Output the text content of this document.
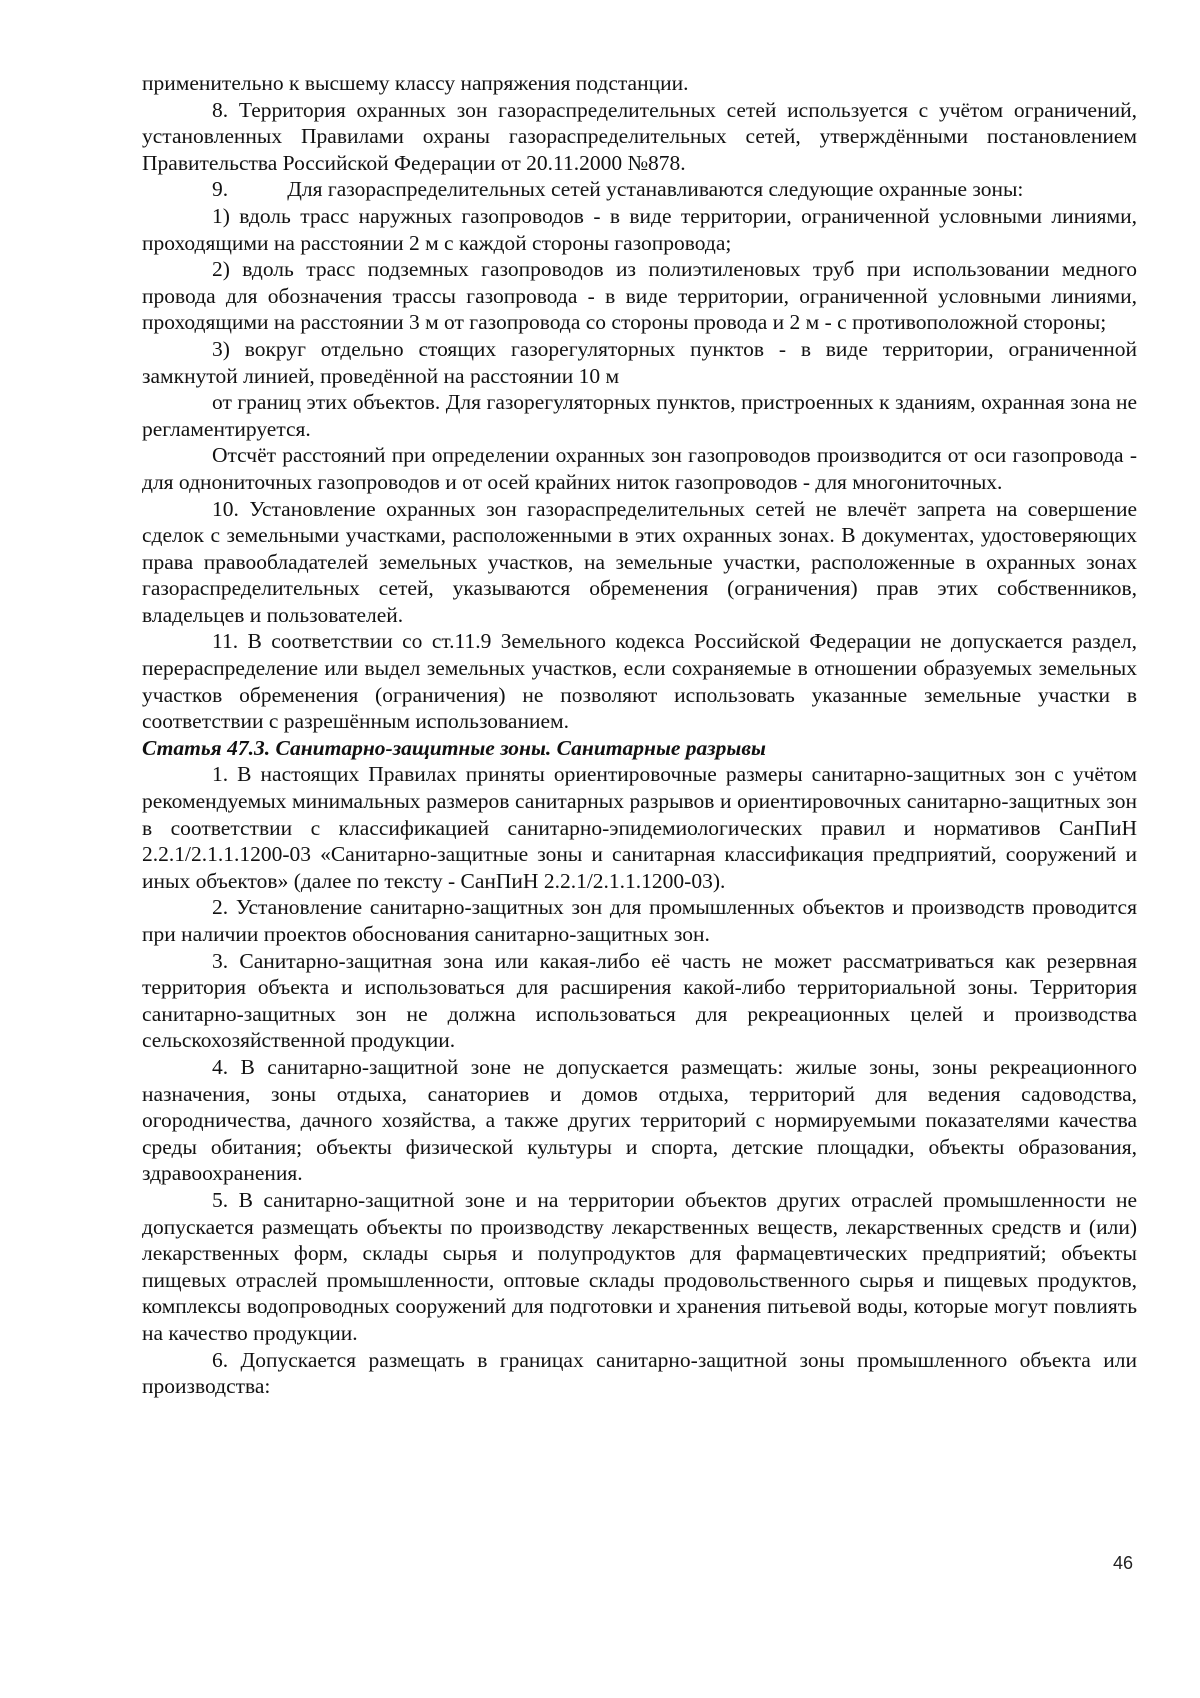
применительно к высшему классу напряжения подстанции.

8. Территория охранных зон газораспределительных сетей используется с учётом ограничений, установленных Правилами охраны газораспределительных сетей, утверждёнными постановлением Правительства Российской Федерации от 20.11.2000 №878.

9.           Для газораспределительных сетей устанавливаются следующие охранные зоны:

1) вдоль трасс наружных газопроводов - в виде территории, ограниченной условными линиями, проходящими на расстоянии 2 м с каждой стороны газопровода;

2) вдоль трасс подземных газопроводов из полиэтиленовых труб при использовании медного провода для обозначения трассы газопровода - в виде территории, ограниченной условными линиями, проходящими на расстоянии 3 м от газопровода со стороны провода и 2 м - с противоположной стороны;

3) вокруг отдельно стоящих газорегуляторных пунктов - в виде территории, ограниченной замкнутой линией, проведённой на расстоянии 10 м

от границ этих объектов. Для газорегуляторных пунктов, пристроенных к зданиям, охранная зона не регламентируется.

Отсчёт расстояний при определении охранных зон газопроводов производится от оси газопровода - для однониточных газопроводов и от осей крайних ниток газопроводов - для многониточных.

10. Установление охранных зон газораспределительных сетей не влечёт запрета на совершение сделок с земельными участками, расположенными в этих охранных зонах. В документах, удостоверяющих права правообладателей земельных участков, на земельные участки, расположенные в охранных зонах газораспределительных сетей, указываются обременения (ограничения) прав этих собственников, владельцев и пользователей.

11. В соответствии со ст.11.9 Земельного кодекса Российской Федерации не допускается раздел, перераспределение или выдел земельных участков, если сохраняемые в отношении образуемых земельных участков обременения (ограничения) не позволяют использовать указанные земельные участки в соответствии с разрешённым использованием.

Статья 47.3. Санитарно-защитные зоны. Санитарные разрывы

1. В настоящих Правилах приняты ориентировочные размеры санитарно-защитных зон с учётом рекомендуемых минимальных размеров санитарных разрывов и ориентировочных санитарно-защитных зон в соответствии с классификацией санитарно-эпидемиологических правил и нормативов СанПиН 2.2.1/2.1.1.1200-03 «Санитарно-защитные зоны и санитарная классификация предприятий, сооружений и иных объектов» (далее по тексту - СанПиН 2.2.1/2.1.1.1200-03).

2. Установление санитарно-защитных зон для промышленных объектов и производств проводится при наличии проектов обоснования санитарно-защитных зон.

3. Санитарно-защитная зона или какая-либо её часть не может рассматриваться как резервная территория объекта и использоваться для расширения какой-либо территориальной зоны. Территория санитарно-защитных зон не должна использоваться для рекреационных целей и производства сельскохозяйственной продукции.

4. В санитарно-защитной зоне не допускается размещать: жилые зоны, зоны рекреационного назначения, зоны отдыха, санаториев и домов отдыха, территорий для ведения садоводства, огородничества, дачного хозяйства, а также других территорий с нормируемыми показателями качества среды обитания; объекты физической культуры и спорта, детские площадки, объекты образования, здравоохранения.

5. В санитарно-защитной зоне и на территории объектов других отраслей промышленности не допускается размещать объекты по производству лекарственных веществ, лекарственных средств и (или) лекарственных форм, склады сырья и полупродуктов для фармацевтических предприятий; объекты пищевых отраслей промышленности, оптовые склады продовольственного сырья и пищевых продуктов, комплексы водопроводных сооружений для подготовки и хранения питьевой воды, которые могут повлиять на качество продукции.

6. Допускается размещать в границах санитарно-защитной зоны промышленного объекта или производства:

46
